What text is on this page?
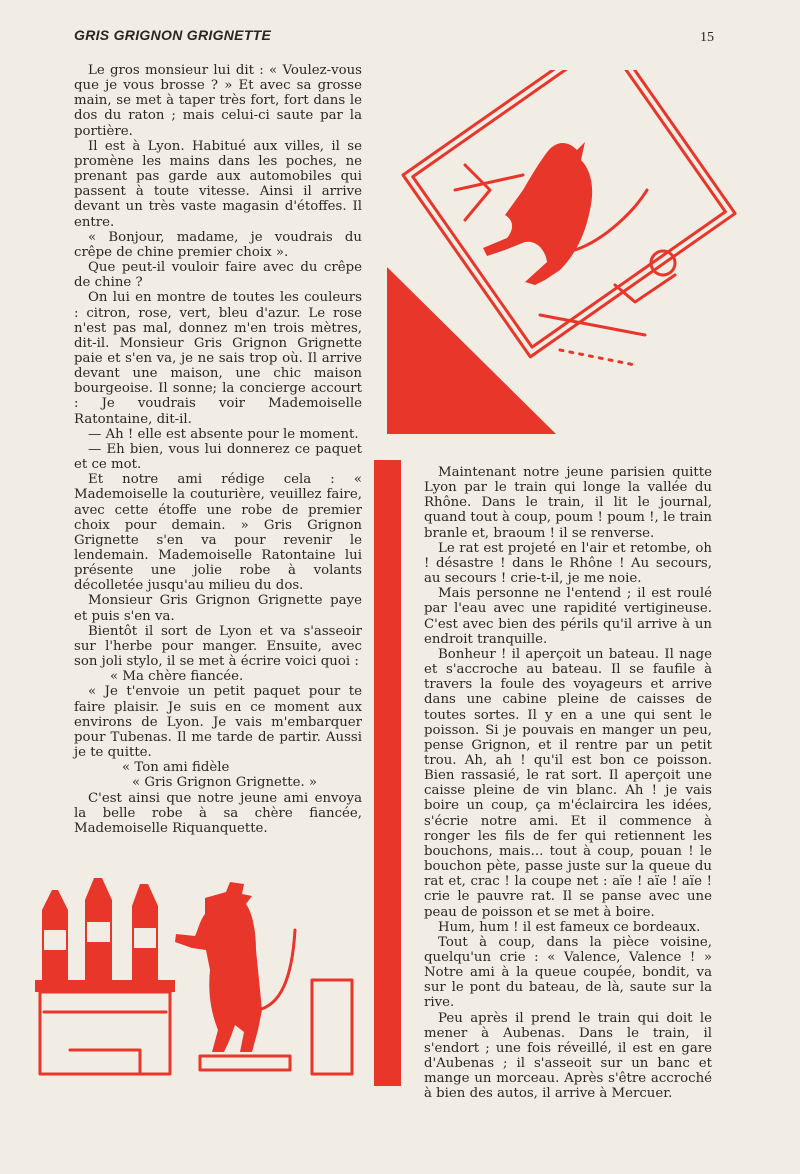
GRIS GRIGNON GRIGNETTE	15

Le gros monsieur lui dit : « Voulez-vous que je vous brosse ? » Et avec sa grosse main, se met à taper très fort, fort dans le dos du raton ; mais celui-ci saute par la portière.

Il est à Lyon. Habitué aux villes, il se promène les mains dans les poches, ne prenant pas garde aux automobiles qui passent à toute vitesse. Ainsi il arrive devant un très vaste magasin d'étoffes. Il entre.

« Bonjour, madame, je voudrais du crêpe de chine premier choix ».

Que peut-il vouloir faire avec du crêpe de chine ?

On lui en montre de toutes les couleurs : citron, rose, vert, bleu d'azur. Le rose n'est pas mal, donnez m'en trois mètres, dit-il. Monsieur Gris Grignon Grignette paie et s'en va, je ne sais trop où. Il arrive devant une maison, une chic maison bourgeoise. Il sonne; la concierge accourt : Je voudrais voir Mademoiselle Ratontaine, dit-il.

— Ah ! elle est absente pour le moment.

— Eh bien, vous lui donnerez ce paquet et ce mot.

Et notre ami rédige cela : « Mademoiselle la couturière, veuillez faire, avec cette étoffe une robe de premier choix pour demain. » Gris Grignon Grignette s'en va pour revenir le lendemain. Mademoiselle Ratontaine lui présente une jolie robe à volants décolletée jusqu'au milieu du dos.

Monsieur Gris Grignon Grignette paye et puis s'en va.

Bientôt il sort de Lyon et va s'asseoir sur l'herbe pour manger. Ensuite, avec son joli stylo, il se met à écrire voici quoi :

« Ma chère fiancée.

« Je t'envoie un petit paquet pour te faire plaisir. Je suis en ce moment aux environs de Lyon. Je vais m'embarquer pour Tubenas. Il me tarde de partir. Aussi je te quitte.

« Ton ami fidèle

« Gris Grignon Grignette. »

C'est ainsi que notre jeune ami envoya la belle robe à sa chère fiancée, Mademoiselle Riquanquette.

Maintenant notre jeune parisien quitte Lyon par le train qui longe la vallée du Rhône. Dans le train, il lit le journal, quand tout à coup, poum ! poum !, le train branle et, braoum ! il se renverse.

Le rat est projeté en l'air et retombe, oh ! désastre ! dans le Rhône ! Au secours, au secours ! crie-t-il, je me noie.

Mais personne ne l'entend ; il est roulé par l'eau avec une rapidité vertigineuse. C'est avec bien des périls qu'il arrive à un endroit tranquille.

Bonheur ! il aperçoit un bateau. Il nage et s'accroche au bateau. Il se faufile à travers la foule des voyageurs et arrive dans une cabine pleine de caisses de toutes sortes. Il y en a une qui sent le poisson. Si je pouvais en manger un peu, pense Grignon, et il rentre par un petit trou. Ah, ah ! qu'il est bon ce poisson. Bien rassasié, le rat sort. Il aperçoit une caisse pleine de vin blanc. Ah ! je vais boire un coup, ça m'éclaircira les idées, s'écrie notre ami. Et il commence à ronger les fils de fer qui retiennent les bouchons, mais... tout à coup, pouan ! le bouchon pète, passe juste sur la queue du rat et, crac ! la coupe net : aïe ! aïe ! aïe ! crie le pauvre rat. Il se panse avec une peau de poisson et se met à boire.

Hum, hum ! il est fameux ce bordeaux.

Tout à coup, dans la pièce voisine, quelqu'un crie : « Valence, Valence ! » Notre ami à la queue coupée, bondit, va sur le pont du bateau, de là, saute sur la rive.

Peu après il prend le train qui doit le mener à Aubenas. Dans le train, il s'endort ; une fois réveillé, il est en gare d'Aubenas ; il s'asseoit sur un banc et mange un morceau. Après s'être accroché à bien des autos, il arrive à Mercuer.
